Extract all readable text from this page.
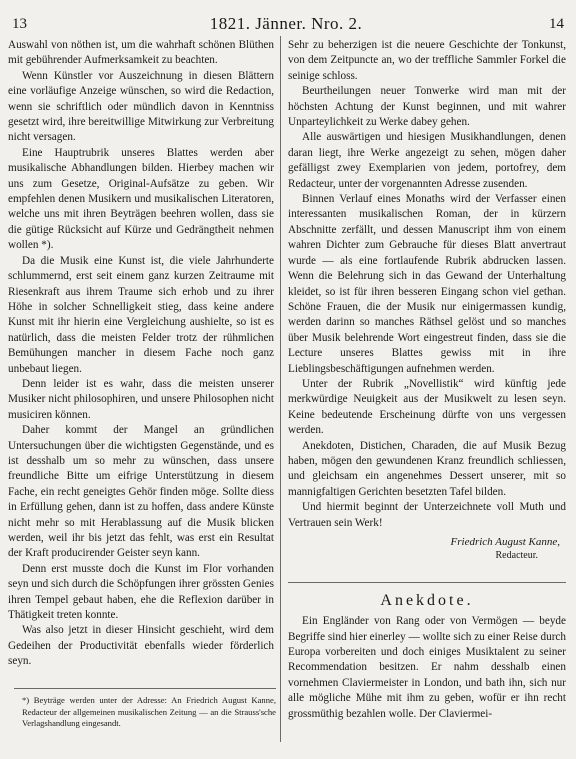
13	1821. Jänner. Nro. 2.	14

Auswahl von nöthen ist, um die wahrhaft schönen Blüthen mit gebührender Aufmerksamkeit zu beachten.

Wenn Künstler vor Auszeichnung in diesen Blättern eine vorläufige Anzeige wünschen, so wird die Redaction, wenn sie schriftlich oder mündlich davon in Kenntniss gesetzt wird, ihre bereitwillige Mitwirkung zur Verbreitung nicht versagen.

Eine Hauptrubrik unseres Blattes werden aber musikalische Abhandlungen bilden. Hierbey machen wir uns zum Gesetze, Original-Aufsätze zu geben. Wir empfehlen denen Musikern und musikalischen Literatoren, welche uns mit ihren Beyträgen beehren wollen, dass sie die gütige Rücksicht auf Kürze und Gedrängtheit nehmen wollen *).

Da die Musik eine Kunst ist, die viele Jahrhunderte schlummernd, erst seit einem ganz kurzen Zeitraume mit Riesenkraft aus ihrem Traume sich erhob und zu ihrer Höhe in solcher Schnelligkeit stieg, dass keine andere Kunst mit ihr hierin eine Vergleichung aushielte, so ist es natürlich, dass die meisten Felder trotz der rühmlichen Bemühungen mancher in diesem Fache noch ganz unbebaut liegen.

Denn leider ist es wahr, dass die meisten unserer Musiker nicht philosophiren, und unsere Philosophen nicht musiciren können.

Daher kommt der Mangel an gründlichen Untersuchungen über die wichtigsten Gegenstände, und es ist desshalb um so mehr zu wünschen, dass unsere freundliche Bitte um eifrige Unterstützung in diesem Fache, ein recht geneigtes Gehör finden möge. Sollte diess in Erfüllung gehen, dann ist zu hoffen, dass andere Künste nicht mehr so mit Herablassung auf die Musik blicken werden, weil ihr bis jetzt das fehlt, was erst ein Resultat der Kraft producirender Geister seyn kann.

Denn erst musste doch die Kunst im Flor vorhanden seyn und sich durch die Schöpfungen ihrer grössten Genies ihren Tempel gebaut haben, ehe die Reflexion darüber in Thätigkeit treten konnte.

Was also jetzt in dieser Hinsicht geschieht, wird dem Gedeihen der Productivität ebenfalls wieder förderlich seyn.

*) Beyträge werden unter der Adresse: An Friedrich August Kanne, Redacteur der allgemeinen musikalischen Zeitung — an die Strauss'sche Verlagshandlung eingesandt.

Sehr zu beherzigen ist die neuere Geschichte der Tonkunst, von dem Zeitpuncte an, wo der treffliche Sammler Forkel die seinige schloss.

Beurtheilungen neuer Tonwerke wird man mit der höchsten Achtung der Kunst beginnen, und mit wahrer Unparteylichkeit zu Werke dabey gehen.

Alle auswärtigen und hiesigen Musikhandlungen, denen daran liegt, ihre Werke angezeigt zu sehen, mögen daher gefälligst zwey Exemplarien von jedem, portofrey, dem Redacteur, unter der vorgenannten Adresse zusenden.

Binnen Verlauf eines Monaths wird der Verfasser einen interessanten musikalischen Roman, der in kürzern Abschnitte zerfällt, und dessen Manuscript ihm von einem wahren Dichter zum Gebrauche für dieses Blatt anvertraut wurde — als eine fortlaufende Rubrik abdrucken lassen. Wenn die Belehrung sich in das Gewand der Unterhaltung kleidet, so ist für ihren besseren Eingang schon viel gethan. Schöne Frauen, die der Musik nur einigermassen kundig, werden darinn so manches Räthsel gelöst und so manches über Musik belehrende Wort eingestreut finden, dass sie die Lecture unseres Blattes gewiss mit in ihre Lieblingsbeschäftigungen aufnehmen werden.

Unter der Rubrik „Novellistik“ wird künftig jede merkwürdige Neuigkeit aus der Musikwelt zu lesen seyn. Keine bedeutende Erscheinung dürfte von uns vergessen werden.

Anekdoten, Distichen, Charaden, die auf Musik Bezug haben, mögen den gewundenen Kranz freundlich schliessen, und gleichsam ein angenehmes Dessert unserer, mit so mannigfaltigen Gerichten besetzten Tafel bilden.

Und hiermit beginnt der Unterzeichnete voll Muth und Vertrauen sein Werk!

Friedrich August Kanne,
Redacteur.
Anekdote.

Ein Engländer von Rang oder von Vermögen — beyde Begriffe sind hier einerley — wollte sich zu einer Reise durch Europa vorbereiten und doch einiges Musiktalent zu seiner Recommendation besitzen. Er nahm desshalb einen vornehmen Claviermeister in London, und bath ihn, sich nur alle mögliche Mühe mit ihm zu geben, wofür er ihn recht grossmüthig bezahlen wolle. Der Claviermei-
